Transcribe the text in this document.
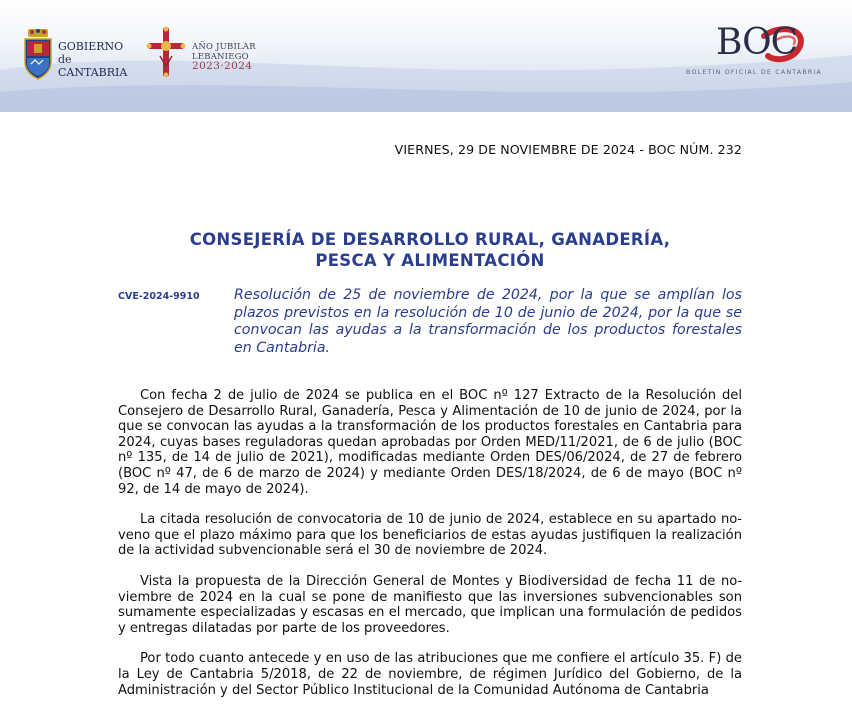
GOBIERNO
de
CANTABRIA
AÑO JUBILAR
LEBANIEGO
2023·2024
BOC
BOLETÍN OFICIAL DE CANTABRIA
VIERNES, 29 DE NOVIEMBRE DE 2024 - BOC NÚM. 232
CONSEJERÍA DE DESARROLLO RURAL, GANADERÍA,
PESCA Y ALIMENTACIÓN
CVE-2024-9910 Resolución de 25 de noviembre de 2024, por la que se amplían los plazos previstos en la resolución de 10 de junio de 2024, por la que se convocan las ayudas a la transformación de los productos forestales en Cantabria.

Con fecha 2 de julio de 2024 se publica en el BOC nº 127 Extracto de la Resolución del Consejero de Desarrollo Rural, Ganadería, Pesca y Alimentación de 10 de junio de 2024, por la que se convocan las ayudas a la transformación de los productos forestales en Cantabria para 2024, cuyas bases reguladoras quedan aprobadas por Orden MED/11/2021, de 6 de julio (BOC nº 135, de 14 de julio de 2021), modificadas mediante Orden DES/06/2024, de 27 de febrero (BOC nº 47, de 6 de marzo de 2024) y mediante Orden DES/18/2024, de 6 de mayo (BOC nº 92, de 14 de mayo de 2024).

La citada resolución de convocatoria de 10 de junio de 2024, establece en su apartado noveno que el plazo máximo para que los beneficiarios de estas ayudas justifiquen la realización de la actividad subvencionable será el 30 de noviembre de 2024.

Vista la propuesta de la Dirección General de Montes y Biodiversidad de fecha 11 de noviembre de 2024 en la cual se pone de manifiesto que las inversiones subvencionables son sumamente especializadas y escasas en el mercado, que implican una formulación de pedidos y entregas dilatadas por parte de los proveedores.

Por todo cuanto antecede y en uso de las atribuciones que me confiere el artículo 35. F) de la Ley de Cantabria 5/2018, de 22 de noviembre, de régimen Jurídico del Gobierno, de la Administración y del Sector Público Institucional de la Comunidad Autónoma de Cantabria
